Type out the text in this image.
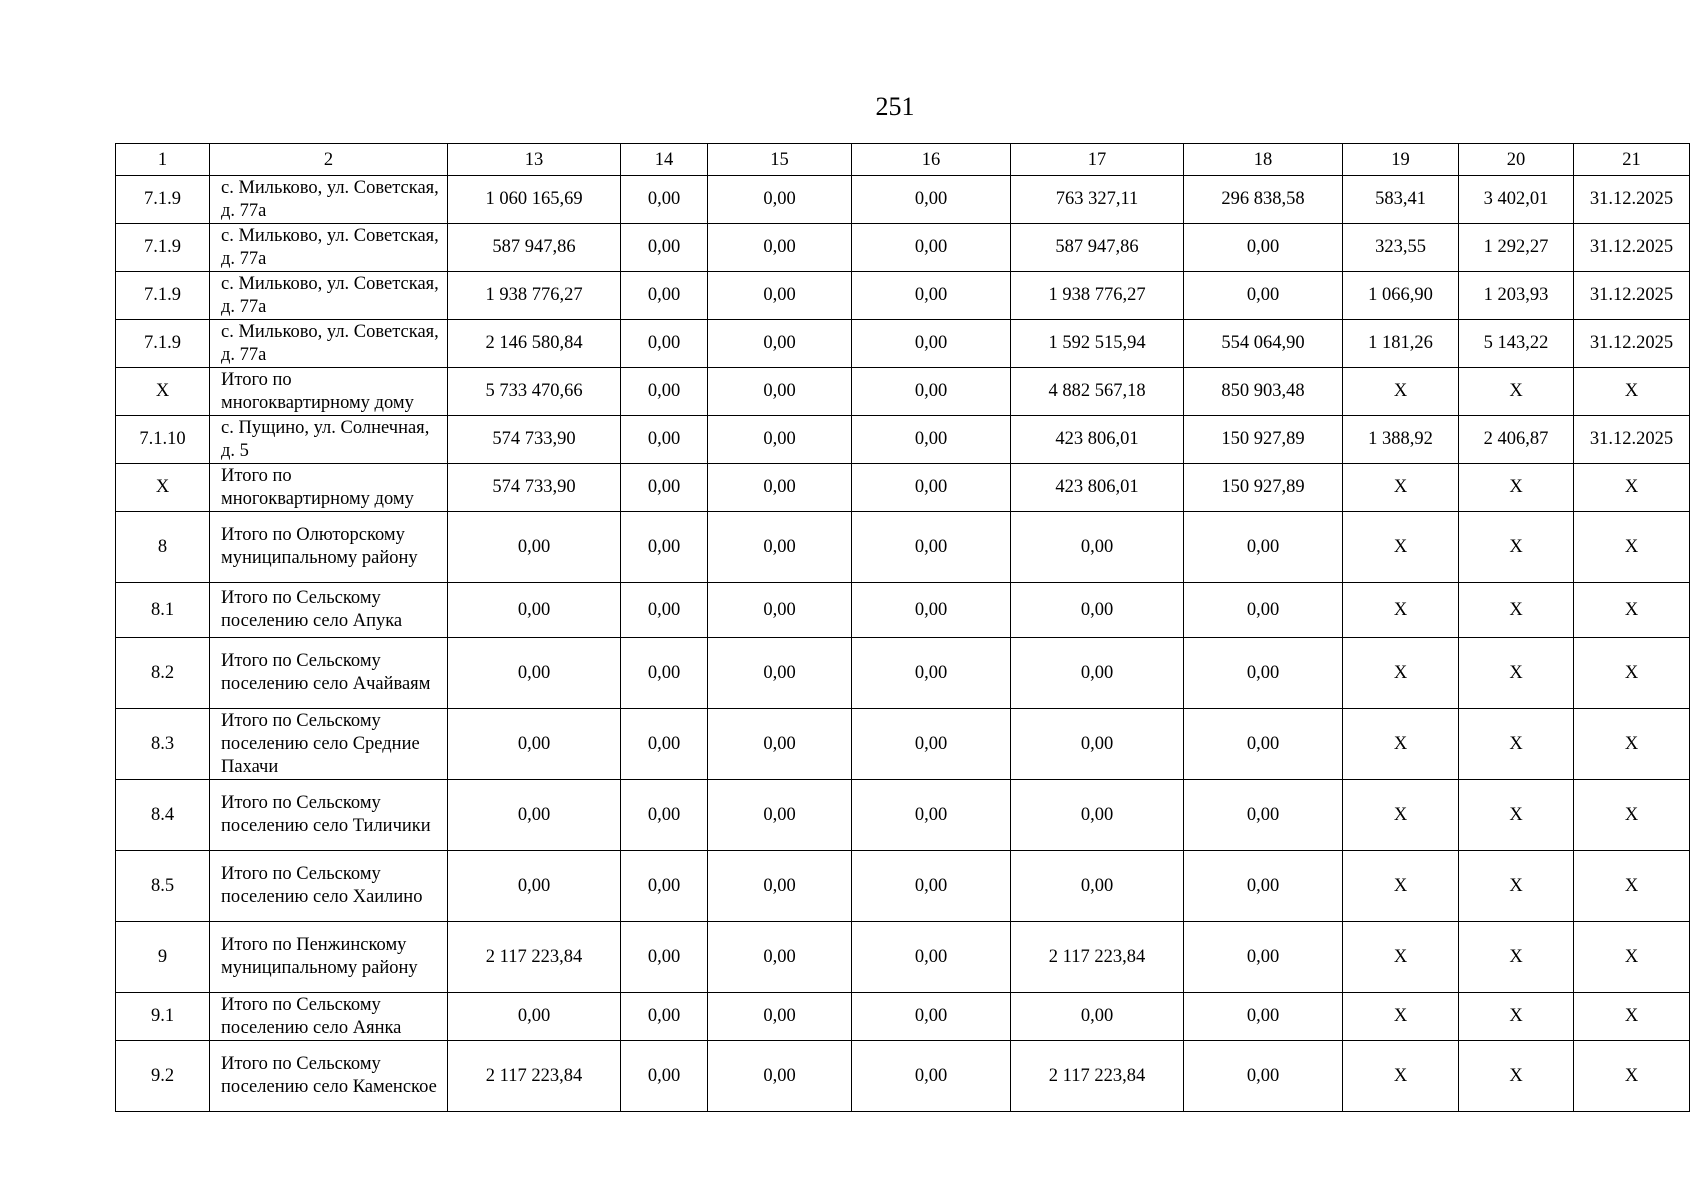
251
1	2	13	14	15	16	17	18	19	20	21
7.1.9	с. Мильково, ул. Советская, д. 77а	1 060 165,69	0,00	0,00	0,00	763 327,11	296 838,58	583,41	3 402,01	31.12.2025
7.1.9	с. Мильково, ул. Советская, д. 77а	587 947,86	0,00	0,00	0,00	587 947,86	0,00	323,55	1 292,27	31.12.2025
7.1.9	с. Мильково, ул. Советская, д. 77а	1 938 776,27	0,00	0,00	0,00	1 938 776,27	0,00	1 066,90	1 203,93	31.12.2025
7.1.9	с. Мильково, ул. Советская, д. 77а	2 146 580,84	0,00	0,00	0,00	1 592 515,94	554 064,90	1 181,26	5 143,22	31.12.2025
X	Итого по многоквартирному дому	5 733 470,66	0,00	0,00	0,00	4 882 567,18	850 903,48	X	X	X
7.1.10	с. Пущино, ул. Солнечная, д. 5	574 733,90	0,00	0,00	0,00	423 806,01	150 927,89	1 388,92	2 406,87	31.12.2025
X	Итого по многоквартирному дому	574 733,90	0,00	0,00	0,00	423 806,01	150 927,89	X	X	X
8	Итого по Олюторскому муниципальному району	0,00	0,00	0,00	0,00	0,00	0,00	X	X	X
8.1	Итого по Сельскому поселению село Апука	0,00	0,00	0,00	0,00	0,00	0,00	X	X	X
8.2	Итого по Сельскому поселению село Ачайваям	0,00	0,00	0,00	0,00	0,00	0,00	X	X	X
8.3	Итого по Сельскому поселению село Средние Пахачи	0,00	0,00	0,00	0,00	0,00	0,00	X	X	X
8.4	Итого по Сельскому поселению село Тиличики	0,00	0,00	0,00	0,00	0,00	0,00	X	X	X
8.5	Итого по Сельскому поселению село Хаилино	0,00	0,00	0,00	0,00	0,00	0,00	X	X	X
9	Итого по Пенжинскому муниципальному району	2 117 223,84	0,00	0,00	0,00	2 117 223,84	0,00	X	X	X
9.1	Итого по Сельскому поселению село Аянка	0,00	0,00	0,00	0,00	0,00	0,00	X	X	X
9.2	Итого по Сельскому поселению село Каменское	2 117 223,84	0,00	0,00	0,00	2 117 223,84	0,00	X	X	X
